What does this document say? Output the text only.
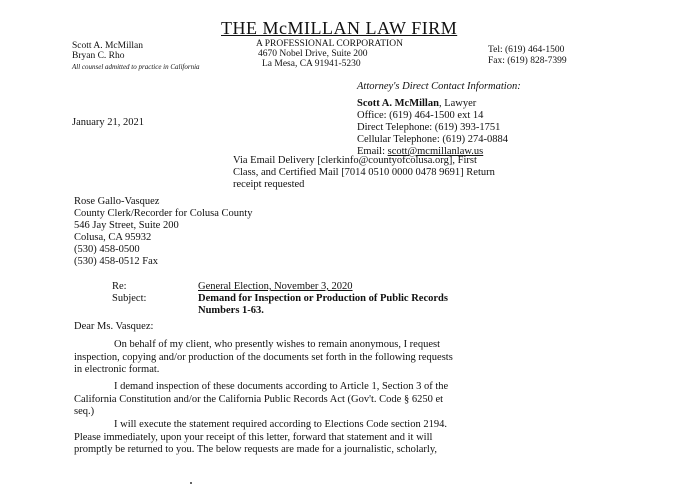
THE McMILLAN LAW FIRM
A PROFESSIONAL CORPORATION
4670 Nobel Drive, Suite 200
La Mesa, CA 91941-5230
Scott A. McMillan
Bryan C. Rho
All counsel admitted to practice in California
Tel: (619) 464-1500
Fax: (619) 828-7399
Attorney's Direct Contact Information:
Scott A. McMillan, Lawyer
Office: (619) 464-1500 ext 14
Direct Telephone: (619) 393-1751
Cellular Telephone: (619) 274-0884
Email: scott@mcmillanlaw.us
January 21, 2021
Via Email Delivery [clerkinfo@countyofcolusa.org], First
Class, and Certified Mail [7014 0510 0000 0478 9691] Return
receipt requested
Rose Gallo-Vasquez
County Clerk/Recorder for Colusa County
546 Jay Street, Suite 200
Colusa, CA 95932
(530) 458-0500
(530) 458-0512 Fax
Re:	General Election, November 3, 2020
Subject:	Demand for Inspection or Production of Public Records
Numbers 1-63.
Dear Ms. Vasquez:

On behalf of my client, who presently wishes to remain anonymous, I request

inspection, copying and/or production of the documents set forth in the following requests

in electronic format.

I demand inspection of these documents according to Article 1, Section 3 of the

California Constitution and/or the California Public Records Act (Gov't. Code § 6250 et

seq.)

I will execute the statement required according to Elections Code section 2194.

Please immediately, upon your receipt of this letter, forward that statement and it will

promptly be returned to you. The below requests are made for a journalistic, scholarly,
